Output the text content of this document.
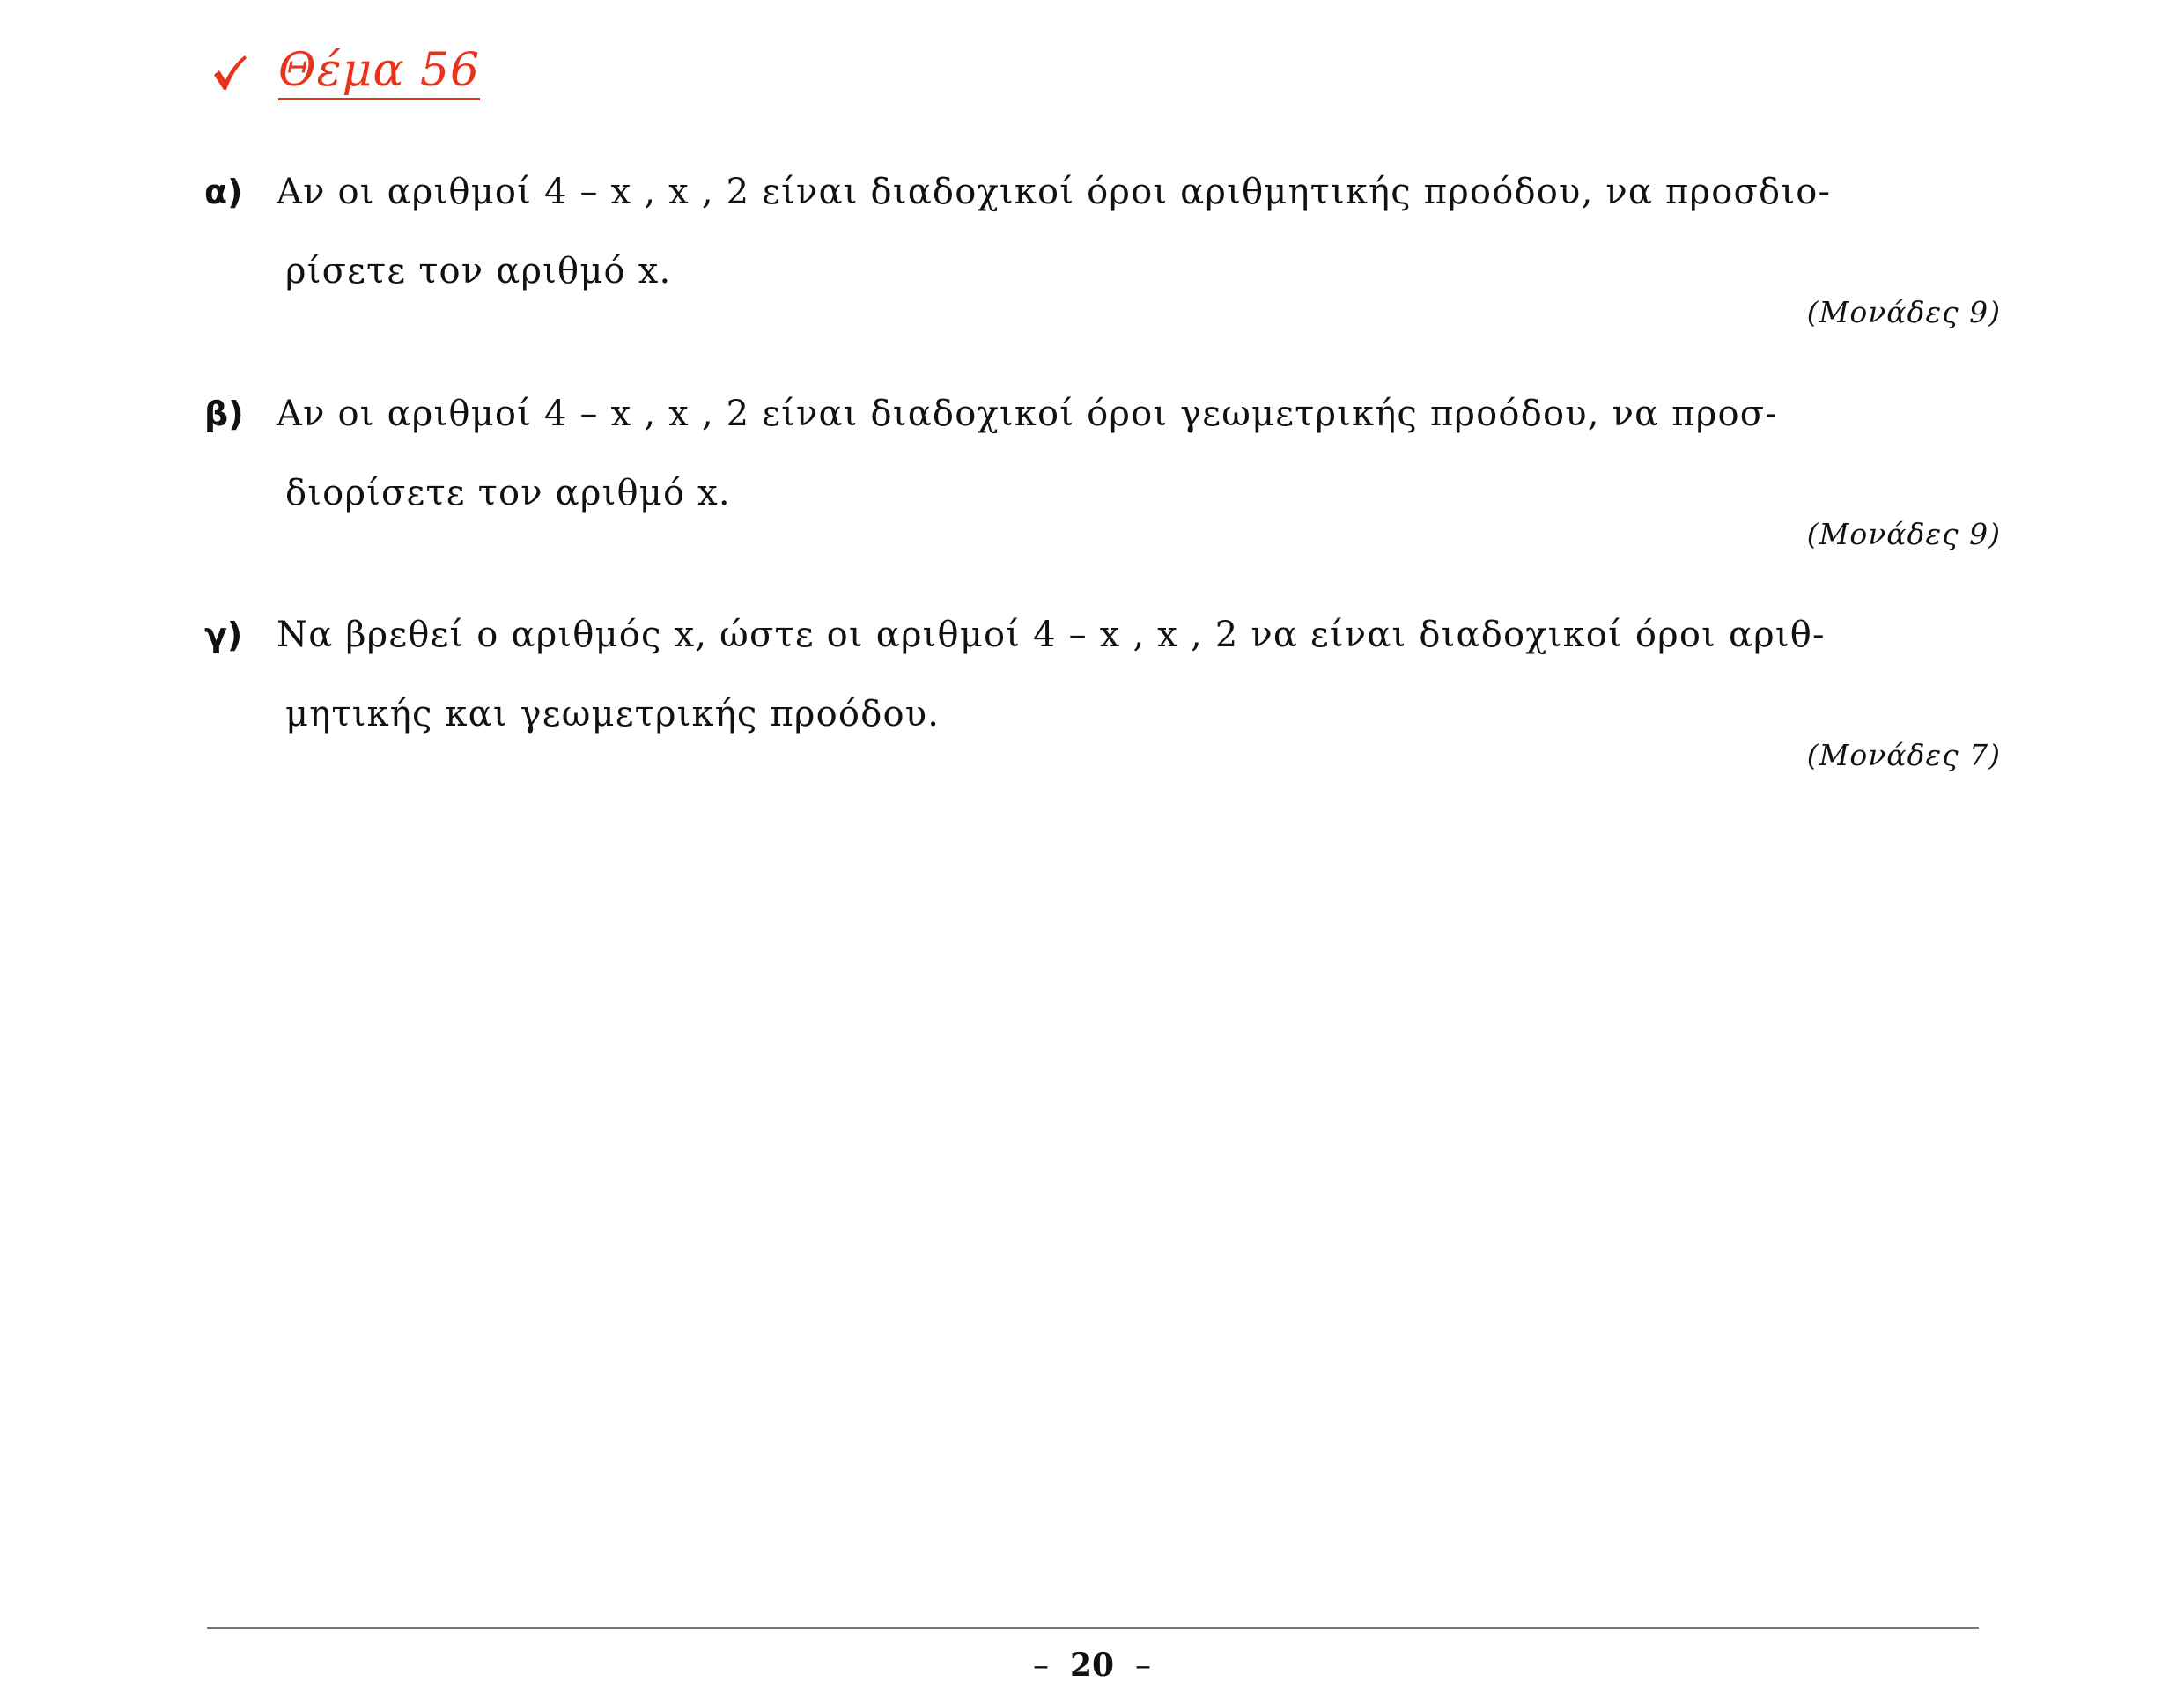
Θέμα 56
α) Αν οι αριθμοί 4 – x , x , 2 είναι διαδοχικοί όροι αριθμητικής προόδου, να προσδιο-
ρίσετε τον αριθμό x.
(Μονάδες 9)
β) Αν οι αριθμοί 4 – x , x , 2 είναι διαδοχικοί όροι γεωμετρικής προόδου, να προσ-
διορίσετε τον αριθμό x.
(Μονάδες 9)
γ) Να βρεθεί ο αριθμός x, ώστε οι αριθμοί 4 – x , x , 2 να είναι διαδοχικοί όροι αριθ-
μητικής και γεωμετρικής προόδου.
(Μονάδες 7)
– 20 –
